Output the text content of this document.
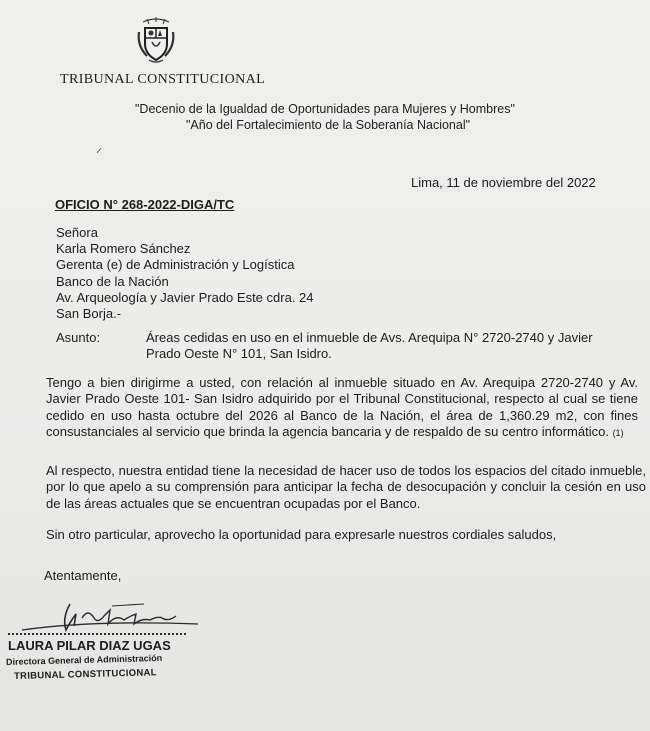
TRIBUNAL CONSTITUCIONAL
"Decenio de la Igualdad de Oportunidades para Mujeres y Hombres"
"Año del Fortalecimiento de la Soberanía Nacional"
Lima, 11 de noviembre del 2022
OFICIO N° 268-2022-DIGA/TC
Señora
Karla Romero Sánchez
Gerenta (e) de Administración y Logística
Banco de la Nación
Av. Arqueología y Javier Prado Este cdra. 24
San Borja.-
Asunto:	Áreas cedidas en uso en el inmueble de Avs. Arequipa N° 2720-2740 y Javier
Prado Oeste N° 101, San Isidro.
Tengo a bien dirigirme a usted, con relación al inmueble situado en Av. Arequipa 2720-2740 y Av. Javier Prado Oeste 101- San Isidro adquirido por el Tribunal Constitucional, respecto al cual se tiene cedido en uso hasta octubre del 2026 al Banco de la Nación, el área de 1,360.29 m2, con fines consustanciales al servicio que brinda la agencia bancaria y de respaldo de su centro informático. (1)
Al respecto, nuestra entidad tiene la necesidad de hacer uso de todos los espacios del citado inmueble, por lo que apelo a su comprensión para anticipar la fecha de desocupación y concluir la cesión en uso de las áreas actuales que se encuentran ocupadas por el Banco.
Sin otro particular, aprovecho la oportunidad para expresarle nuestros cordiales saludos,
Atentamente,
LAURA PILAR DIAZ UGAS
Directora General de Administración
TRIBUNAL CONSTITUCIONAL
